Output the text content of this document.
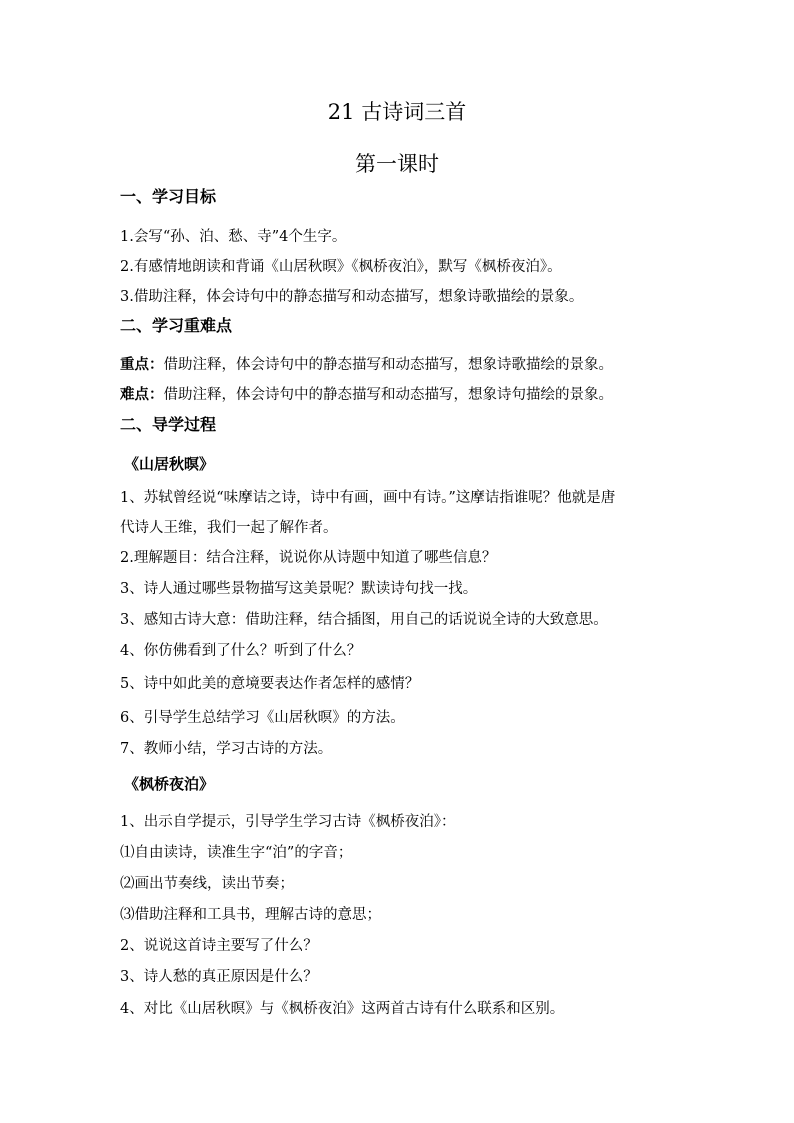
21 古诗词三首
第一课时
一、学习目标
1.会写“孙、泊、愁、寺”4个生字。
2.有感情地朗读和背诵《山居秋暝》《枫桥夜泊》，默写《枫桥夜泊》。
3.借助注释，体会诗句中的静态描写和动态描写，想象诗歌描绘的景象。
二、学习重难点
重点：借助注释，体会诗句中的静态描写和动态描写，想象诗歌描绘的景象。
难点：借助注释，体会诗句中的静态描写和动态描写，想象诗句描绘的景象。
二、导学过程
《山居秋暝》
1、苏轼曾经说“味摩诘之诗，诗中有画，画中有诗。”这摩诘指谁呢？他就是唐
代诗人王维，我们一起了解作者。
2.理解题目：结合注释，说说你从诗题中知道了哪些信息？
3、诗人通过哪些景物描写这美景呢？默读诗句找一找。
3、感知古诗大意：借助注释，结合插图，用自己的话说说全诗的大致意思。
4、你仿佛看到了什么？听到了什么？
5、诗中如此美的意境要表达作者怎样的感情？
6、引导学生总结学习《山居秋暝》的方法。
7、教师小结，学习古诗的方法。
《枫桥夜泊》
1、出示自学提示，引导学生学习古诗《枫桥夜泊》：
⑴自由读诗，读准生字“泊”的字音；
⑵画出节奏线，读出节奏；
⑶借助注释和工具书，理解古诗的意思；
2、说说这首诗主要写了什么？
3、诗人愁的真正原因是什么？
4、对比《山居秋暝》与《枫桥夜泊》这两首古诗有什么联系和区别。
